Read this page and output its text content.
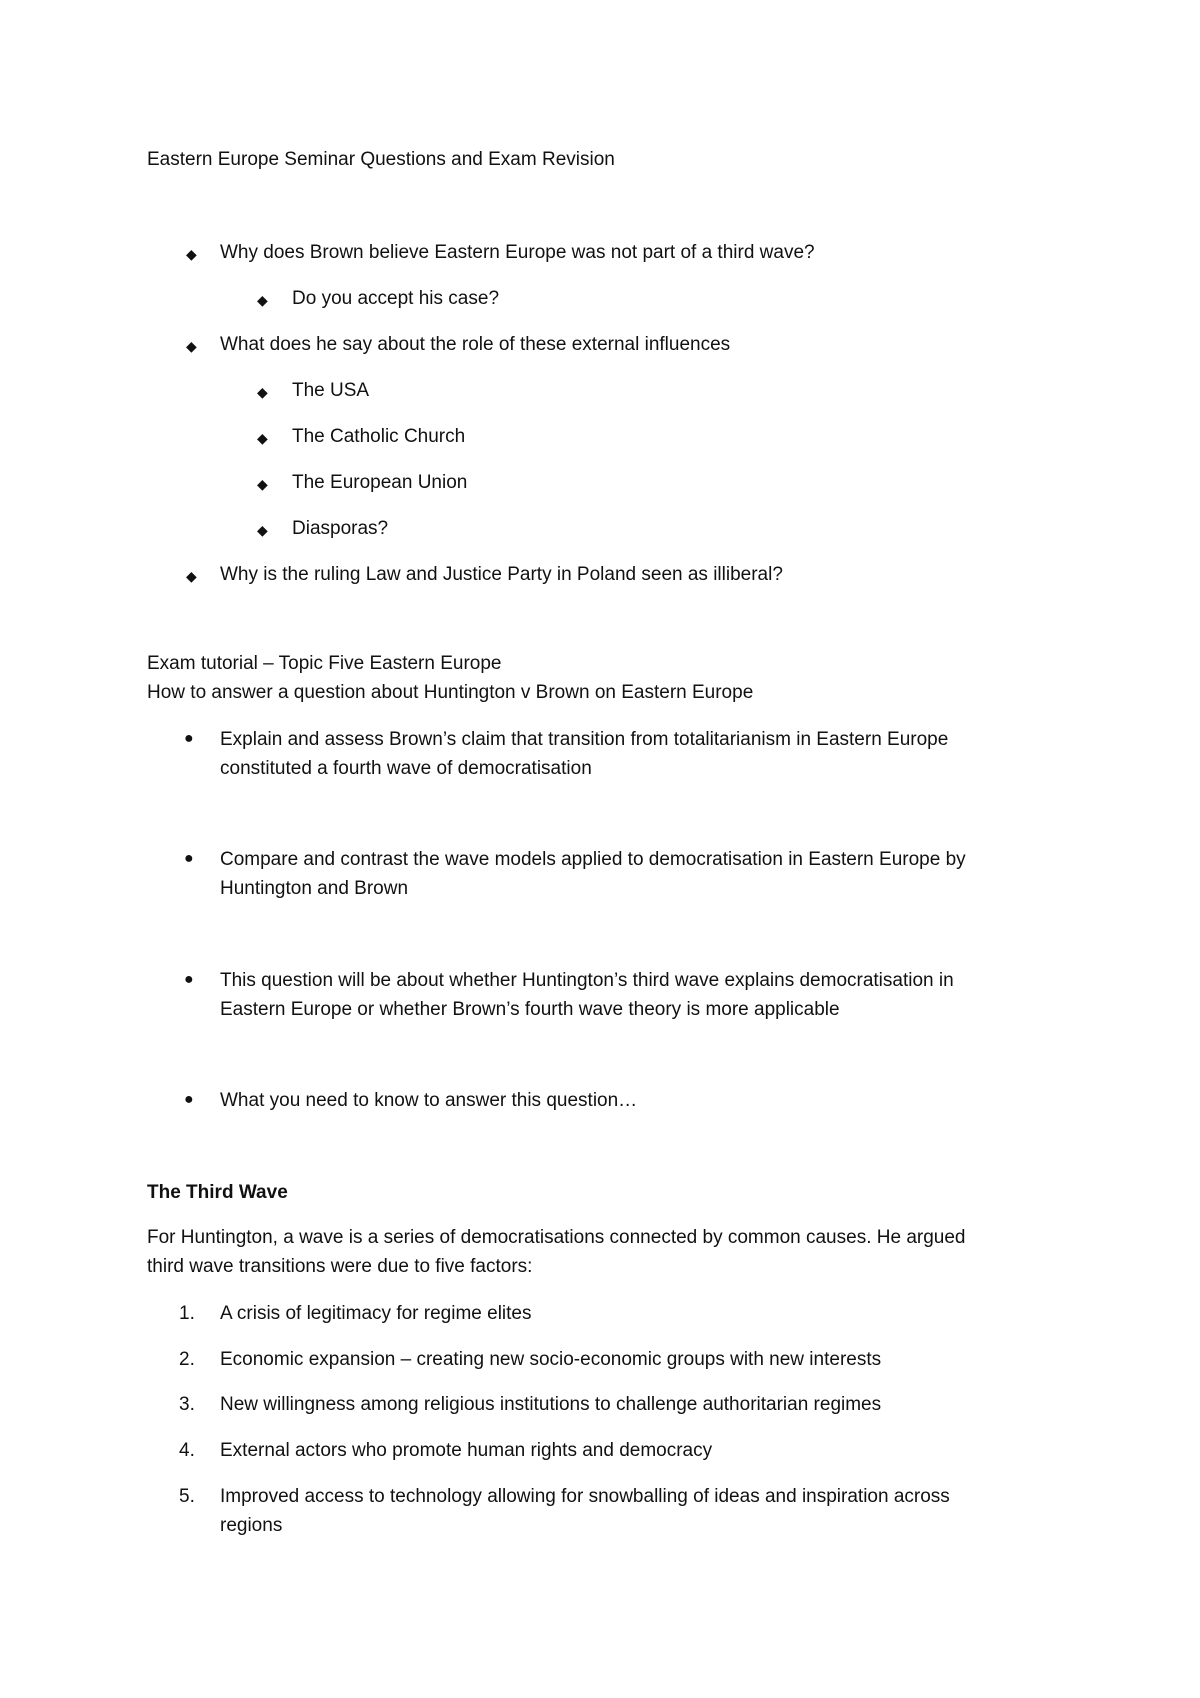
Eastern Europe Seminar Questions and Exam Revision
◆ Why does Brown believe Eastern Europe was not part of a third wave?
◆ Do you accept his case?
◆ What does he say about the role of these external influences
◆ The USA
◆ The Catholic Church
◆ The European Union
◆ Diasporas?
◆ Why is the ruling Law and Justice Party in Poland seen as illiberal?
Exam tutorial – Topic Five Eastern Europe
How to answer a question about Huntington v Brown on Eastern Europe
● Explain and assess Brown’s claim that transition from totalitarianism in Eastern Europe
constituted a fourth wave of democratisation
● Compare and contrast the wave models applied to democratisation in Eastern Europe by
Huntington and Brown
● This question will be about whether Huntington’s third wave explains democratisation in
Eastern Europe or whether Brown’s fourth wave theory is more applicable
● What you need to know to answer this question…
The Third Wave
For Huntington, a wave is a series of democratisations connected by common causes. He argued
third wave transitions were due to five factors:
1.	A crisis of legitimacy for regime elites
2.	Economic expansion – creating new socio-economic groups with new interests
3.	New willingness among religious institutions to challenge authoritarian regimes
4.	External actors who promote human rights and democracy
5.	Improved access to technology allowing for snowballing of ideas and inspiration across
regions
